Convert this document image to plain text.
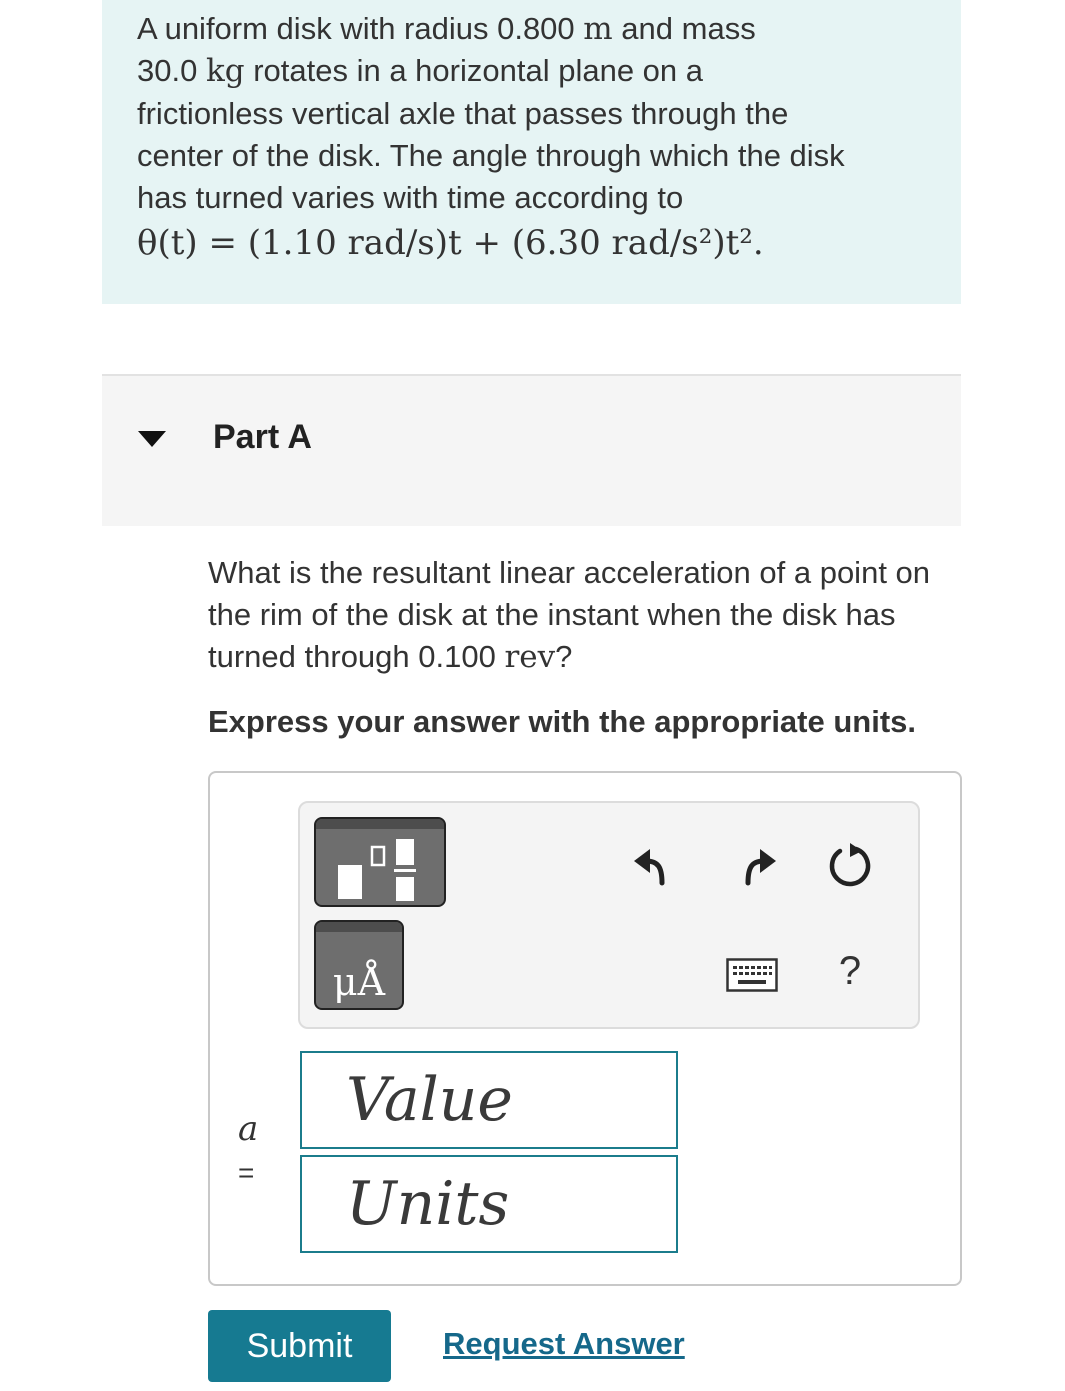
A uniform disk with radius 0.800 m and mass
30.0 kg rotates in a horizontal plane on a
frictionless vertical axle that passes through the
center of the disk. The angle through which the disk
has turned varies with time according to
θ(t) = (1.10 rad/s)t + (6.30 rad/s²)t².
Part A
What is the resultant linear acceleration of a point on the rim of the disk at the instant when the disk has turned through 0.100 rev?
Express your answer with the appropriate units.
μÅ	?
a
=
Value
Units
Submit	Request Answer
